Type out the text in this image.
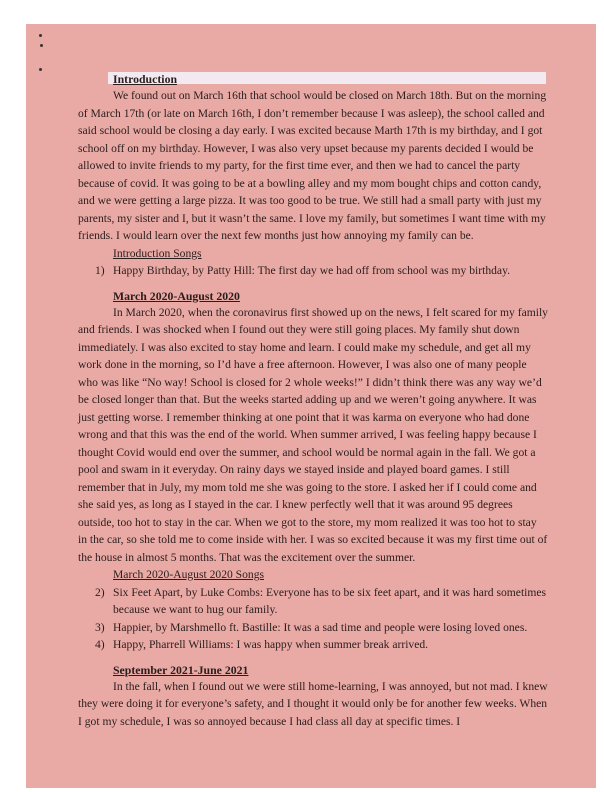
Introduction

We found out on March 16th that school would be closed on March 18th. But on the morning of March 17th (or late on March 16th, I don’t remember because I was asleep), the school called and said school would be closing a day early. I was excited because Marth 17th is my birthday, and I got school off on my birthday. However, I was also very upset because my parents decided I would be allowed to invite friends to my party, for the first time ever, and then we had to cancel the party because of covid. It was going to be at a bowling alley and my mom bought chips and cotton candy, and we were getting a large pizza. It was too good to be true. We still had a small party with just my parents, my sister and I, but it wasn’t the same. I love my family, but sometimes I want time with my friends. I would learn over the next few months just how annoying my family can be.

Introduction Songs
1) Happy Birthday, by Patty Hill: The first day we had off from school was my birthday.
March 2020-August 2020

In March 2020, when the coronavirus first showed up on the news, I felt scared for my family and friends. I was shocked when I found out they were still going places. My family shut down immediately. I was also excited to stay home and learn. I could make my schedule, and get all my work done in the morning, so I’d have a free afternoon. However, I was also one of many people who was like “No way! School is closed for 2 whole weeks!” I didn’t think there was any way we’d be closed longer than that. But the weeks started adding up and we weren’t going anywhere. It was just getting worse. I remember thinking at one point that it was karma on everyone who had done wrong and that this was the end of the world. When summer arrived, I was feeling happy because I thought Covid would end over the summer, and school would be normal again in the fall. We got a pool and swam in it everyday. On rainy days we stayed inside and played board games. I still remember that in July, my mom told me she was going to the store. I asked her if I could come and she said yes, as long as I stayed in the car. I knew perfectly well that it was around 95 degrees outside, too hot to stay in the car. When we got to the store, my mom realized it was too hot to stay in the car, so she told me to come inside with her. I was so excited because it was my first time out of the house in almost 5 months. That was the excitement over the summer.

March 2020-August 2020 Songs
2) Six Feet Apart, by Luke Combs: Everyone has to be six feet apart, and it was hard sometimes because we want to hug our family.
3) Happier, by Marshmello ft. Bastille: It was a sad time and people were losing loved ones.
4) Happy, Pharrell Williams: I was happy when summer break arrived.
September 2021-June 2021

In the fall, when I found out we were still home-learning, I was annoyed, but not mad. I knew they were doing it for everyone’s safety, and I thought it would only be for another few weeks. When I got my schedule, I was so annoyed because I had class all day at specific times. I
